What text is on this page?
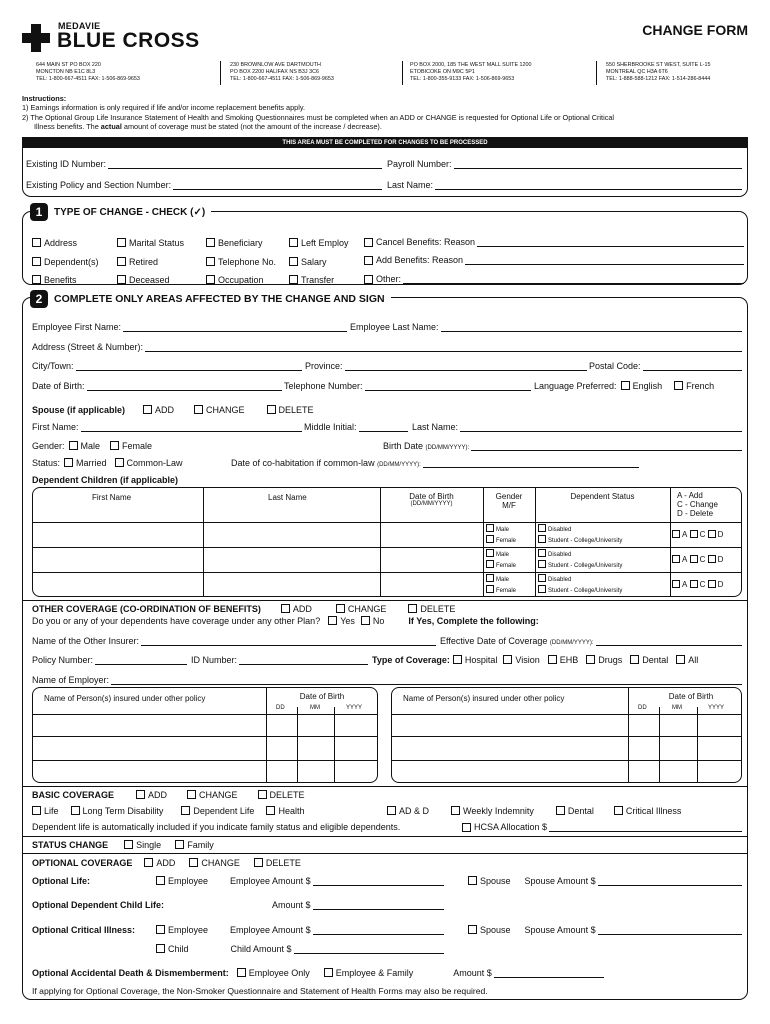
MEDAVIE
BLUE CROSS	CHANGE FORM
644 MAIN ST PO BOX 220
MONCTON NB E1C 8L3
TEL: 1-800-667-4511 FAX: 1-506-869-9653
230 BROWNLOW AVE DARTMOUTH
PO BOX 2200 HALIFAX NS B3J 3C6
TEL: 1-800-667-4511 FAX: 1-506-869-9653
PO BOX 2000, 185 THE WEST MALL SUITE 1200
ETOBICOKE ON M9C 5P1
TEL: 1-800-355-9133 FAX: 1-506-869-9653
550 SHERBROOKE ST WEST, SUITE L-15
MONTREAL QC H3A 6T6
TEL: 1-888-588-1212 FAX: 1-514-286-8444
Instructions:
1) Earnings information is only required if life and/or income replacement benefits apply.
2) The Optional Group Life Insurance Statement of Health and Smoking Questionnaires must be completed when an ADD or CHANGE is requested for Optional Life or Optional Critical
Illness benefits. The actual amount of coverage must be stated (not the amount of the increase / decrease).
THIS AREA MUST BE COMPLETED FOR CHANGES TO BE PROCESSED
Existing ID Number:	Payroll Number:
Existing Policy and Section Number:	Last Name:
1	TYPE OF CHANGE - CHECK (✓)
Address
Dependent(s)
Benefits
Marital Status
Retired
Deceased
Beneficiary
Telephone No.
Occupation
Left Employ
Salary
Transfer
Cancel Benefits: Reason
Add Benefits: Reason
Other:
2	COMPLETE ONLY AREAS AFFECTED BY THE CHANGE AND SIGN
Employee First Name:	Employee Last Name:
Address (Street & Number):
City/Town:	Province:	Postal Code:
Date of Birth:	Telephone Number:	Language Preferred:	English	French
Spouse (if applicable)	ADD	CHANGE	DELETE
First Name:	Middle Initial:	Last Name:
Gender:	Male	Female	Birth Date
(DD/MM/YYYY):
Status:	Married	Common-Law	Date of co-habitation if common-law
(DD/MM/YYYY):
Dependent Children (if applicable)
First Name	Last Name	Date of Birth
(DD/MM/YYYY)
Gender
M/F
Dependent Status	A - Add
C - Change
D - Delete
Male
Female
Disabled
Student - College/University
A C D
Male
Female
Disabled
Student - College/University
A C D
Male
Female
Disabled
Student - College/University
A C D
OTHER COVERAGE (CO-ORDINATION OF BENEFITS)	ADD	CHANGE	DELETE
Do you or any of your dependents have coverage under any other Plan?	Yes	No	If Yes, Complete the following:
Name of the Other Insurer:	Effective Date of Coverage
(DD/MM/YYYY):
Policy Number:	ID Number:	Type of Coverage:	Hospital	Vision	EHB	Drugs	Dental	All
Name of Employer:
Name of Person(s) insured under other policy	Date of Birth
DD	MM	YYYY
Name of Person(s) insured under other policy	Date of Birth
DD	MM	YYYY
BASIC COVERAGE	ADD	CHANGE	DELETE
Life	Long Term Disability	Dependent Life	Health	AD & D	Weekly Indemnity	Dental	Critical Illness
Dependent life is automatically included if you indicate family status and eligible dependents.	HCSA Allocation $
STATUS CHANGE	Single	Family
OPTIONAL COVERAGE	ADD	CHANGE	DELETE
Optional Life:	Employee Employee Amount $	Spouse Spouse Amount $
Optional Dependent Child Life:	Amount $
Optional Critical Illness:	Employee Employee Amount $	Spouse Spouse Amount $
Child	Child Amount $
Optional Accidental Death & Dismemberment:	Employee Only	Employee & Family	Amount $
If applying for Optional Coverage, the Non-Smoker Questionnaire and Statement of Health Forms may also be required.
